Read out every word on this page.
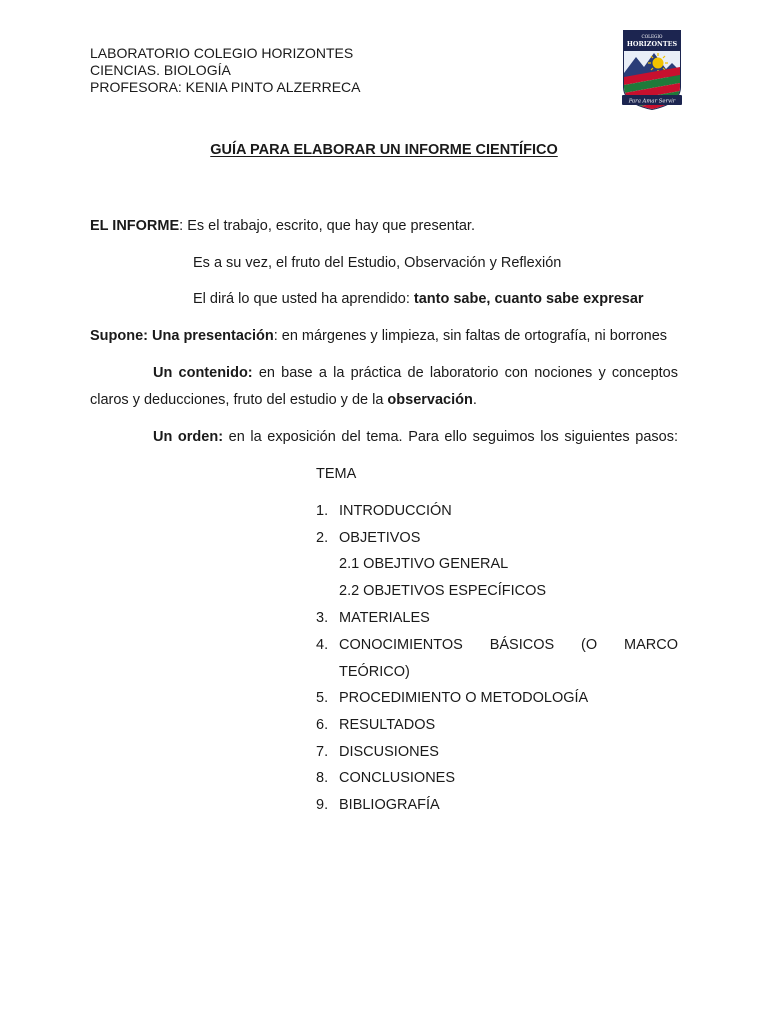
LABORATORIO COLEGIO HORIZONTES
CIENCIAS. BIOLOGÍA
PROFESORA: KENIA PINTO ALZERRECA
COLEGIO
HORIZONTES
Para Amar Servir
GUÍA PARA ELABORAR UN INFORME CIENTÍFICO
EL INFORME: Es el trabajo, escrito, que hay que presentar.
Es a su vez, el fruto del Estudio, Observación y Reflexión
El dirá lo que usted ha aprendido: tanto sabe, cuanto sabe expresar
Supone: Una presentación: en márgenes y limpieza, sin faltas de ortografía, ni borrones
Un contenido: en base a la práctica de laboratorio con nociones y conceptos
claros y deducciones, fruto del estudio y de la observación.
Un orden: en la exposición del tema. Para ello seguimos los siguientes pasos:
TEMA
1. INTRODUCCIÓN
2. OBJETIVOS
2.1 OBEJTIVO GENERAL
2.2 OBJETIVOS ESPECÍFICOS
3. MATERIALES
4. CONOCIMIENTOS BÁSICOS (O MARCO
TEÓRICO)
5. PROCEDIMIENTO O METODOLOGÍA
6. RESULTADOS
7. DISCUSIONES
8. CONCLUSIONES
9. BIBLIOGRAFÍA
